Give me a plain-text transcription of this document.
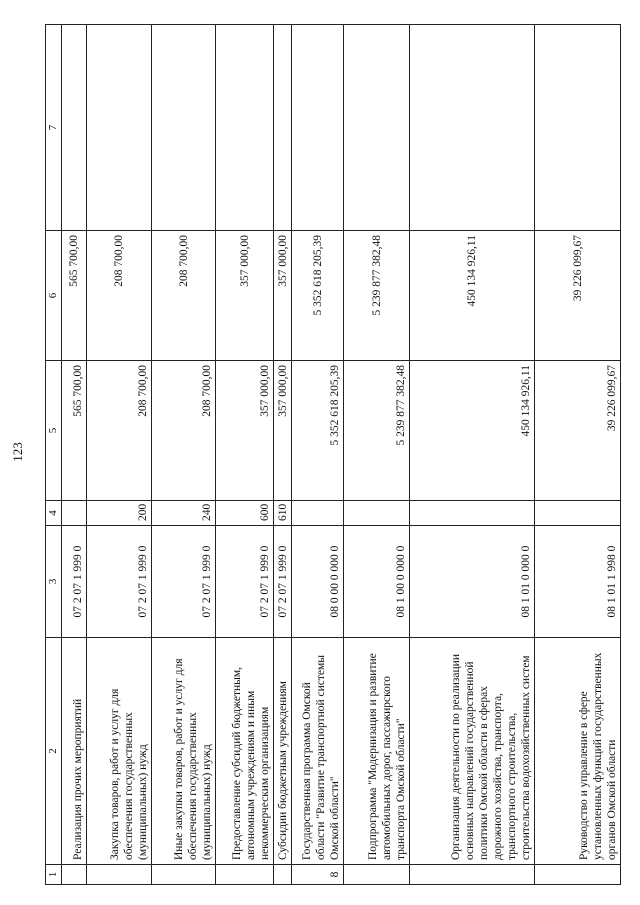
123
1	2	3	4	5	6	7
	Реализация прочих мероприятий	07 2 07 1 999 0		565 700,00	565 700,00	
	Закупка товаров, работ и услуг для обеспечения государственных (муниципальных) нужд	07 2 07 1 999 0	200	208 700,00	208 700,00	
	Иные закупки товаров, работ и услуг для обеспечения государственных (муниципальных) нужд	07 2 07 1 999 0	240	208 700,00	208 700,00	
	Предоставление субсидий бюджетным, автономным учреждениям и иным некоммерческим организациям	07 2 07 1 999 0	600	357 000,00	357 000,00	
	Субсидии бюджетным учреждениям	07 2 07 1 999 0	610	357 000,00	357 000,00	
8	Государственная программа Омской области "Развитие транспортной системы Омской области"	08 0 00 0 000 0		5 352 618 205,39	5 352 618 205,39	
	Подпрограмма "Модернизация и развитие автомобильных дорог, пассажирского транспорта Омской области"	08 1 00 0 000 0		5 239 877 382,48	5 239 877 382,48	
	Организация деятельности по реализации основных направлений государственной политики Омской области в сферах дорожного хозяйства, транспорта, транспортного строительства, строительства водохозяйственных систем	08 1 01 0 000 0		450 134 926,11	450 134 926,11	
	Руководство и управление в сфере установленных функций государственных органов Омской области	08 1 01 1 998 0		39 226 099,67	39 226 099,67	
